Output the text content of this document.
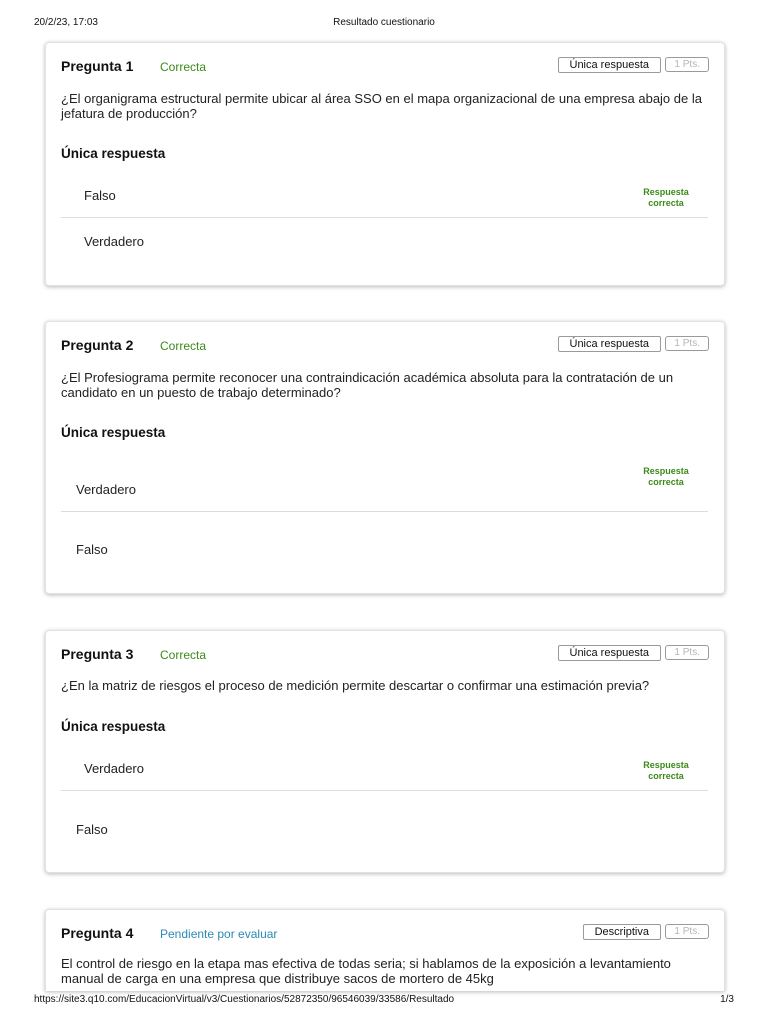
20/2/23, 17:03	Resultado cuestionario
Pregunta 1 Correcta	Única respuesta	1 Pts.
¿El organigrama estructural permite ubicar al área SSO en el mapa organizacional de una empresa abajo de la jefatura de producción?
Única respuesta
Falso	Respuesta correcta
Verdadero
Pregunta 2 Correcta	Única respuesta	1 Pts.
¿El Profesiograma permite reconocer una contraindicación académica absoluta para la contratación de un candidato en un puesto de trabajo determinado?
Única respuesta
Respuesta correcta
Verdadero
Falso
Pregunta 3 Correcta	Única respuesta	1 Pts.
¿En la matriz de riesgos el proceso de medición permite descartar o confirmar una estimación previa?
Única respuesta
Verdadero	Respuesta correcta
Falso
Pregunta 4 Pendiente por evaluar	Descriptiva	1 Pts.
El control de riesgo en la etapa mas efectiva de todas seria; si hablamos de la exposición a levantamiento manual de carga en una empresa que distribuye sacos de mortero de 45kg
https://site3.q10.com/EducacionVirtual/v3/Cuestionarios/52872350/96546039/33586/Resultado	1/3
